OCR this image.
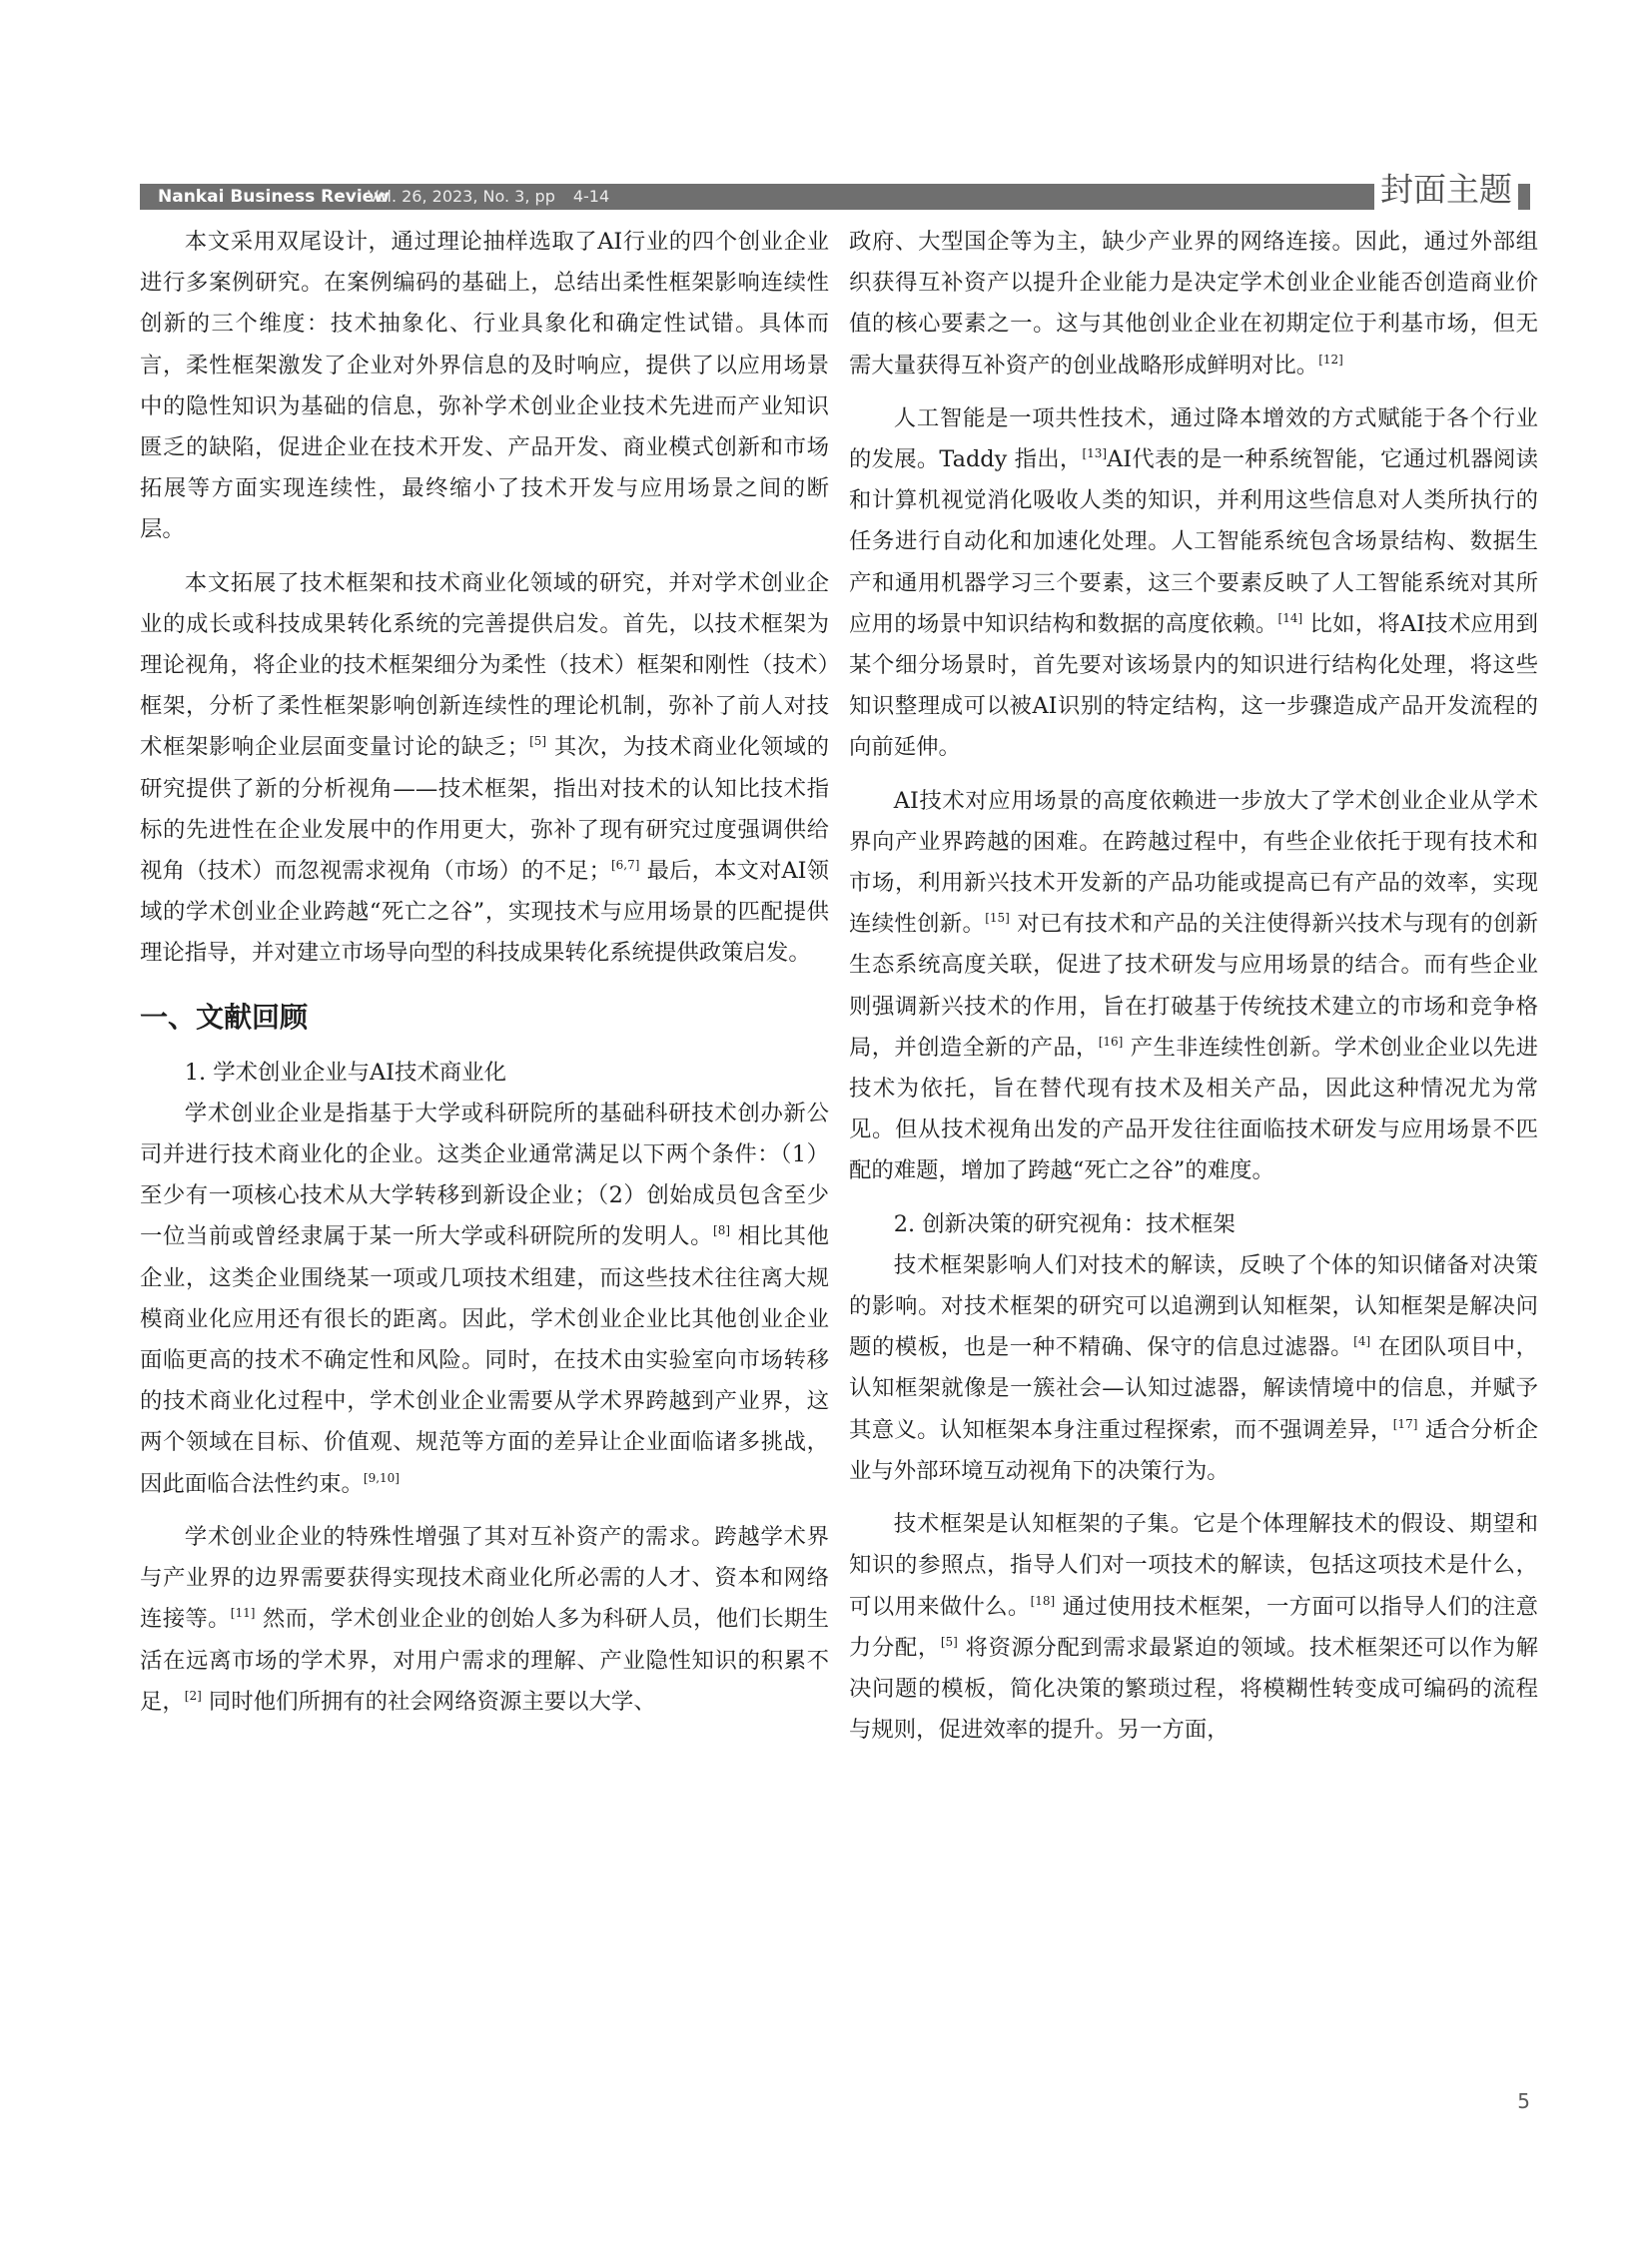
Nankai Business Review
Vol. 26, 2023, No. 3, pp 4-14	封面主题

本文采用双尾设计，通过理论抽样选取了AI行业的四个创业企业进行多案例研究。在案例编码的基础上，总结出柔性框架影响连续性创新的三个维度：技术抽象化、行业具象化和确定性试错。具体而言，柔性框架激发了企业对外界信息的及时响应，提供了以应用场景中的隐性知识为基础的信息，弥补学术创业企业技术先进而产业知识匮乏的缺陷，促进企业在技术开发、产品开发、商业模式创新和市场拓展等方面实现连续性，最终缩小了技术开发与应用场景之间的断层。

本文拓展了技术框架和技术商业化领域的研究，并对学术创业企业的成长或科技成果转化系统的完善提供启发。首先，以技术框架为理论视角，将企业的技术框架细分为柔性（技术）框架和刚性（技术）框架，分析了柔性框架影响创新连续性的理论机制，弥补了前人对技术框架影响企业层面变量讨论的缺乏；[5] 其次，为技术商业化领域的研究提供了新的分析视角——技术框架，指出对技术的认知比技术指标的先进性在企业发展中的作用更大，弥补了现有研究过度强调供给视角（技术）而忽视需求视角（市场）的不足；[6,7] 最后，本文对AI领域的学术创业企业跨越“死亡之谷”，实现技术与应用场景的匹配提供理论指导，并对建立市场导向型的科技成果转化系统提供政策启发。

一、文献回顾

1. 学术创业企业与AI技术商业化

学术创业企业是指基于大学或科研院所的基础科研技术创办新公司并进行技术商业化的企业。这类企业通常满足以下两个条件：（1）至少有一项核心技术从大学转移到新设企业；（2）创始成员包含至少一位当前或曾经隶属于某一所大学或科研院所的发明人。[8] 相比其他企业，这类企业围绕某一项或几项技术组建，而这些技术往往离大规模商业化应用还有很长的距离。因此，学术创业企业比其他创业企业面临更高的技术不确定性和风险。同时，在技术由实验室向市场转移的技术商业化过程中，学术创业企业需要从学术界跨越到产业界，这两个领域在目标、价值观、规范等方面的差异让企业面临诸多挑战，因此面临合法性约束。[9,10]

学术创业企业的特殊性增强了其对互补资产的需求。跨越学术界与产业界的边界需要获得实现技术商业化所必需的人才、资本和网络连接等。[11] 然而，学术创业企业的创始人多为科研人员，他们长期生活在远离市场的学术界，对用户需求的理解、产业隐性知识的积累不足，[2] 同时他们所拥有的社会网络资源主要以大学、

政府、大型国企等为主，缺少产业界的网络连接。因此，通过外部组织获得互补资产以提升企业能力是决定学术创业企业能否创造商业价值的核心要素之一。这与其他创业企业在初期定位于利基市场，但无需大量获得互补资产的创业战略形成鲜明对比。[12]

人工智能是一项共性技术，通过降本增效的方式赋能于各个行业的发展。Taddy 指出，[13]AI代表的是一种系统智能，它通过机器阅读和计算机视觉消化吸收人类的知识，并利用这些信息对人类所执行的任务进行自动化和加速化处理。人工智能系统包含场景结构、数据生产和通用机器学习三个要素，这三个要素反映了人工智能系统对其所应用的场景中知识结构和数据的高度依赖。[14] 比如，将AI技术应用到某个细分场景时，首先要对该场景内的知识进行结构化处理，将这些知识整理成可以被AI识别的特定结构，这一步骤造成产品开发流程的向前延伸。

AI技术对应用场景的高度依赖进一步放大了学术创业企业从学术界向产业界跨越的困难。在跨越过程中，有些企业依托于现有技术和市场，利用新兴技术开发新的产品功能或提高已有产品的效率，实现连续性创新。[15] 对已有技术和产品的关注使得新兴技术与现有的创新生态系统高度关联，促进了技术研发与应用场景的结合。而有些企业则强调新兴技术的作用，旨在打破基于传统技术建立的市场和竞争格局，并创造全新的产品，[16] 产生非连续性创新。学术创业企业以先进技术为依托，旨在替代现有技术及相关产品，因此这种情况尤为常见。但从技术视角出发的产品开发往往面临技术研发与应用场景不匹配的难题，增加了跨越“死亡之谷”的难度。

2. 创新决策的研究视角：技术框架

技术框架影响人们对技术的解读，反映了个体的知识储备对决策的影响。对技术框架的研究可以追溯到认知框架，认知框架是解决问题的模板，也是一种不精确、保守的信息过滤器。[4] 在团队项目中，认知框架就像是一簇社会—认知过滤器，解读情境中的信息，并赋予其意义。认知框架本身注重过程探索，而不强调差异，[17] 适合分析企业与外部环境互动视角下的决策行为。

技术框架是认知框架的子集。它是个体理解技术的假设、期望和知识的参照点，指导人们对一项技术的解读，包括这项技术是什么，可以用来做什么。[18] 通过使用技术框架，一方面可以指导人们的注意力分配，[5] 将资源分配到需求最紧迫的领域。技术框架还可以作为解决问题的模板，简化决策的繁琐过程，将模糊性转变成可编码的流程与规则，促进效率的提升。另一方面，

5
